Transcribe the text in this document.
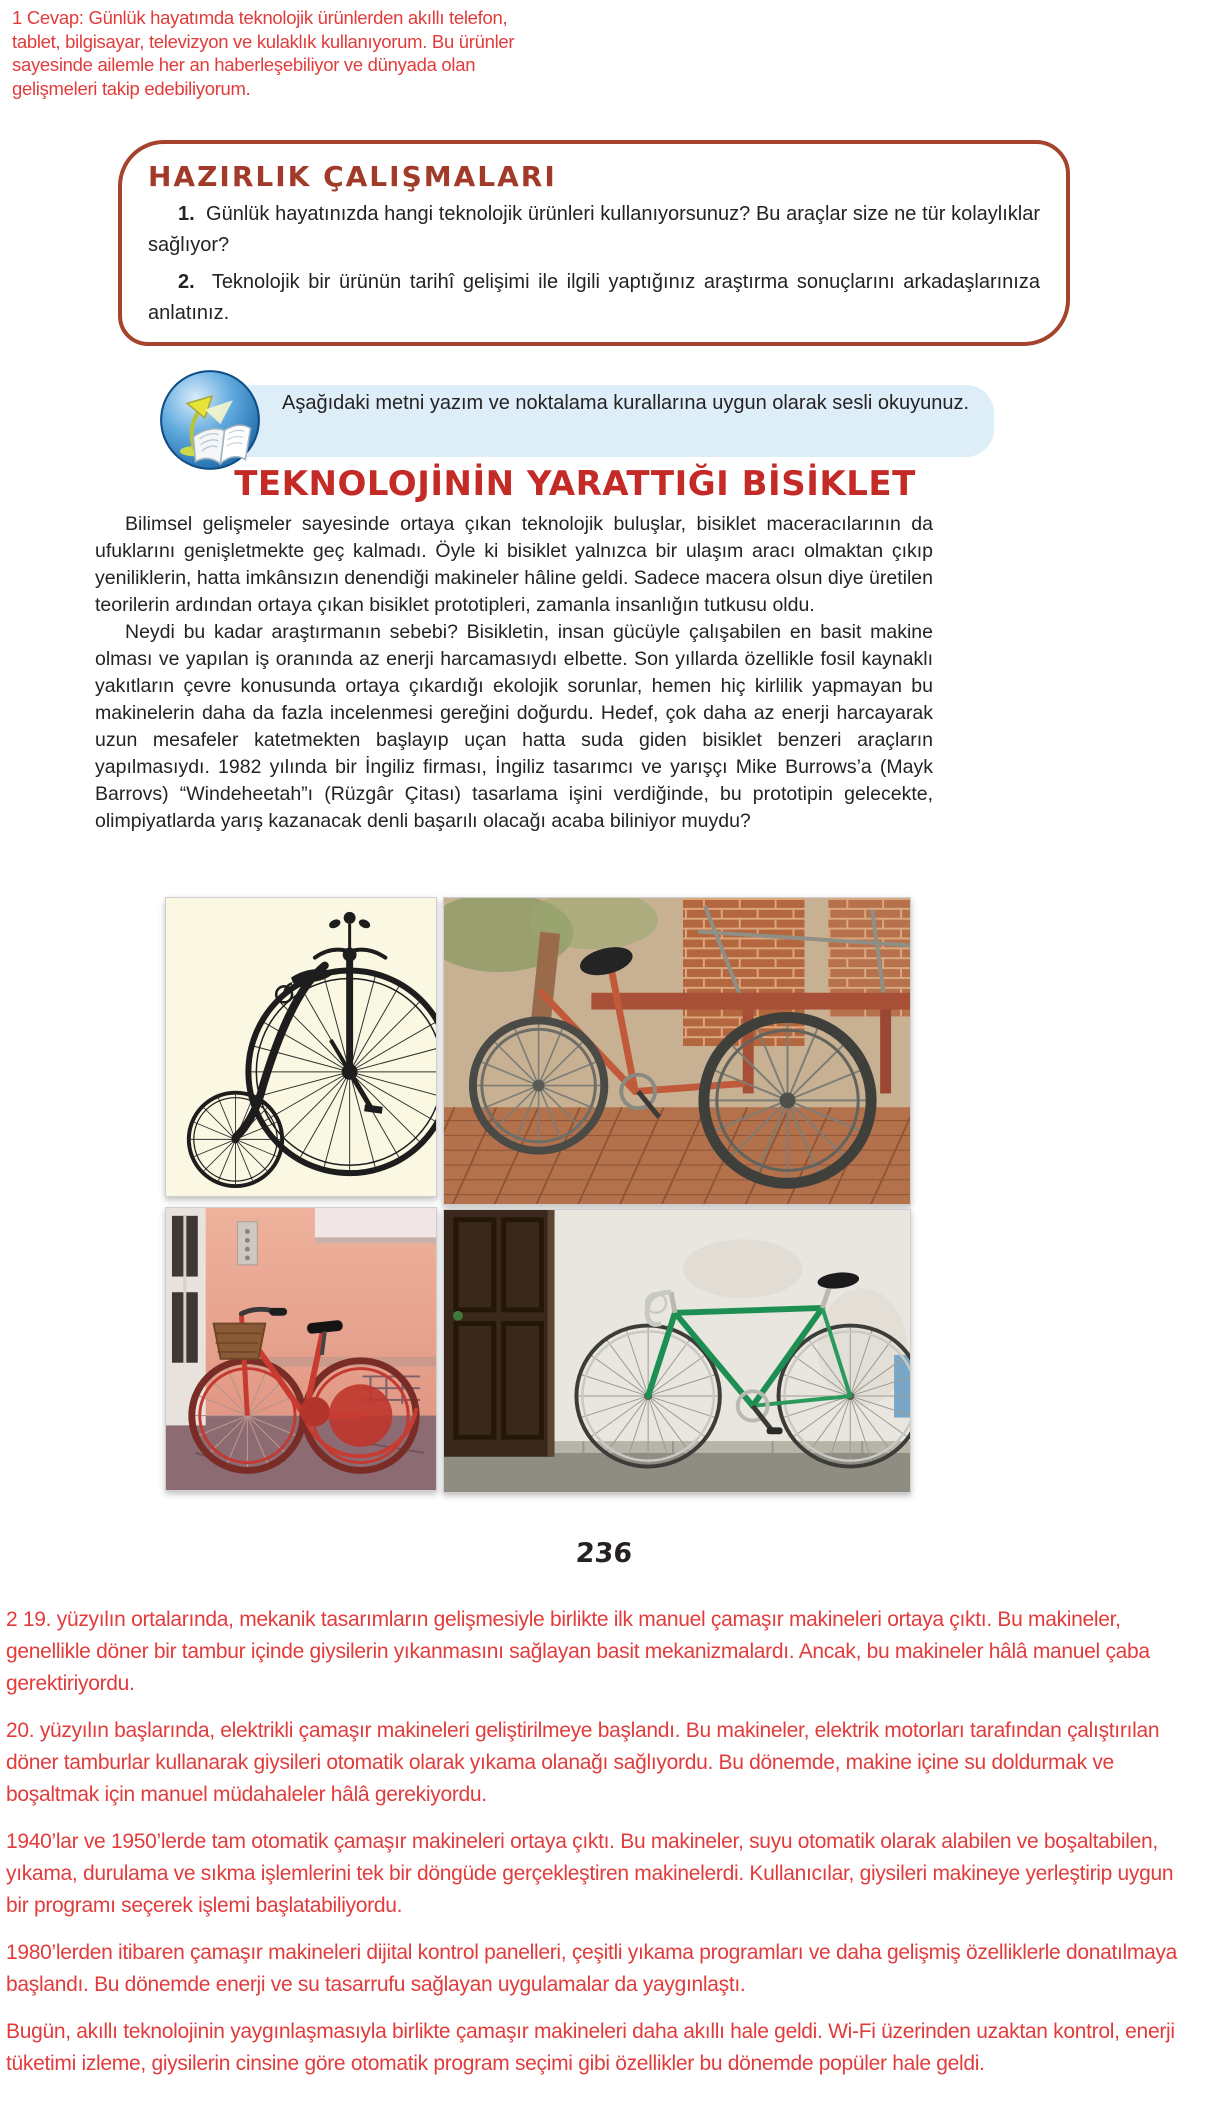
1 Cevap: Günlük hayatımda teknolojik ürünlerden akıllı telefon, tablet, bilgisayar, televizyon ve kulaklık kullanıyorum. Bu ürünler sayesinde ailemle her an haberleşebiliyor ve dünyada olan gelişmeleri takip edebiliyorum.
HAZIRLIK ÇALIŞMALARI

1. Günlük hayatınızda hangi teknolojik ürünleri kullanıyorsunuz? Bu araçlar size ne tür kolaylıklar sağlıyor?

2. Teknolojik bir ürünün tarihî gelişimi ile ilgili yaptığınız araştırma sonuçlarını arkadaşlarınıza anlatınız.

Aşağıdaki metni yazım ve noktalama kurallarına uygun olarak sesli okuyunuz.
TEKNOLOJİNİN YARATTIĞI BİSİKLET

Bilimsel gelişmeler sayesinde ortaya çıkan teknolojik buluşlar, bisiklet maceracılarının da ufuklarını genişletmekte geç kalmadı. Öyle ki bisiklet yalnızca bir ulaşım aracı olmaktan çıkıp yeniliklerin, hatta imkânsızın denendiği makineler hâline geldi. Sadece macera olsun diye üretilen teorilerin ardından ortaya çıkan bisiklet prototipleri, zamanla insanlığın tutkusu oldu.

Neydi bu kadar araştırmanın sebebi? Bisikletin, insan gücüyle çalışabilen en basit makine olması ve yapılan iş oranında az enerji harcamasıydı elbette. Son yıllarda özellikle fosil kaynaklı yakıtların çevre konusunda ortaya çıkardığı ekolojik sorunlar, hemen hiç kirlilik yapmayan bu makinelerin daha da fazla incelenmesi gereğini doğurdu. Hedef, çok daha az enerji harcayarak uzun mesafeler katetmekten başlayıp uçan hatta suda giden bisiklet benzeri araçların yapılmasıydı. 1982 yılında bir İngiliz firması, İngiliz tasarımcı ve yarışçı Mike Burrows’a (Mayk Barrovs) “Windeheetah”ı (Rüzgâr Çitası) tasarlama işini verdiğinde, bu prototipin gelecekte, olimpiyatlarda yarış kazanacak denli başarılı olacağı acaba biliniyor muydu?

236

2 19. yüzyılın ortalarında, mekanik tasarımların gelişmesiyle birlikte ilk manuel çamaşır makineleri ortaya çıktı. Bu makineler, genellikle döner bir tambur içinde giysilerin yıkanmasını sağlayan basit mekanizmalardı. Ancak, bu makineler hâlâ manuel çaba gerektiriyordu.

20. yüzyılın başlarında, elektrikli çamaşır makineleri geliştirilmeye başlandı. Bu makineler, elektrik motorları tarafından çalıştırılan döner tamburlar kullanarak giysileri otomatik olarak yıkama olanağı sağlıyordu. Bu dönemde, makine içine su doldurmak ve boşaltmak için manuel müdahaleler hâlâ gerekiyordu.

1940’lar ve 1950’lerde tam otomatik çamaşır makineleri ortaya çıktı. Bu makineler, suyu otomatik olarak alabilen ve boşaltabilen, yıkama, durulama ve sıkma işlemlerini tek bir döngüde gerçekleştiren makinelerdi. Kullanıcılar, giysileri makineye yerleştirip uygun bir programı seçerek işlemi başlatabiliyordu.

1980’lerden itibaren çamaşır makineleri dijital kontrol panelleri, çeşitli yıkama programları ve daha gelişmiş özelliklerle donatılmaya başlandı. Bu dönemde enerji ve su tasarrufu sağlayan uygulamalar da yaygınlaştı.

Bugün, akıllı teknolojinin yaygınlaşmasıyla birlikte çamaşır makineleri daha akıllı hale geldi. Wi-Fi üzerinden uzaktan kontrol, enerji tüketimi izleme, giysilerin cinsine göre otomatik program seçimi gibi özellikler bu dönemde popüler hale geldi.
